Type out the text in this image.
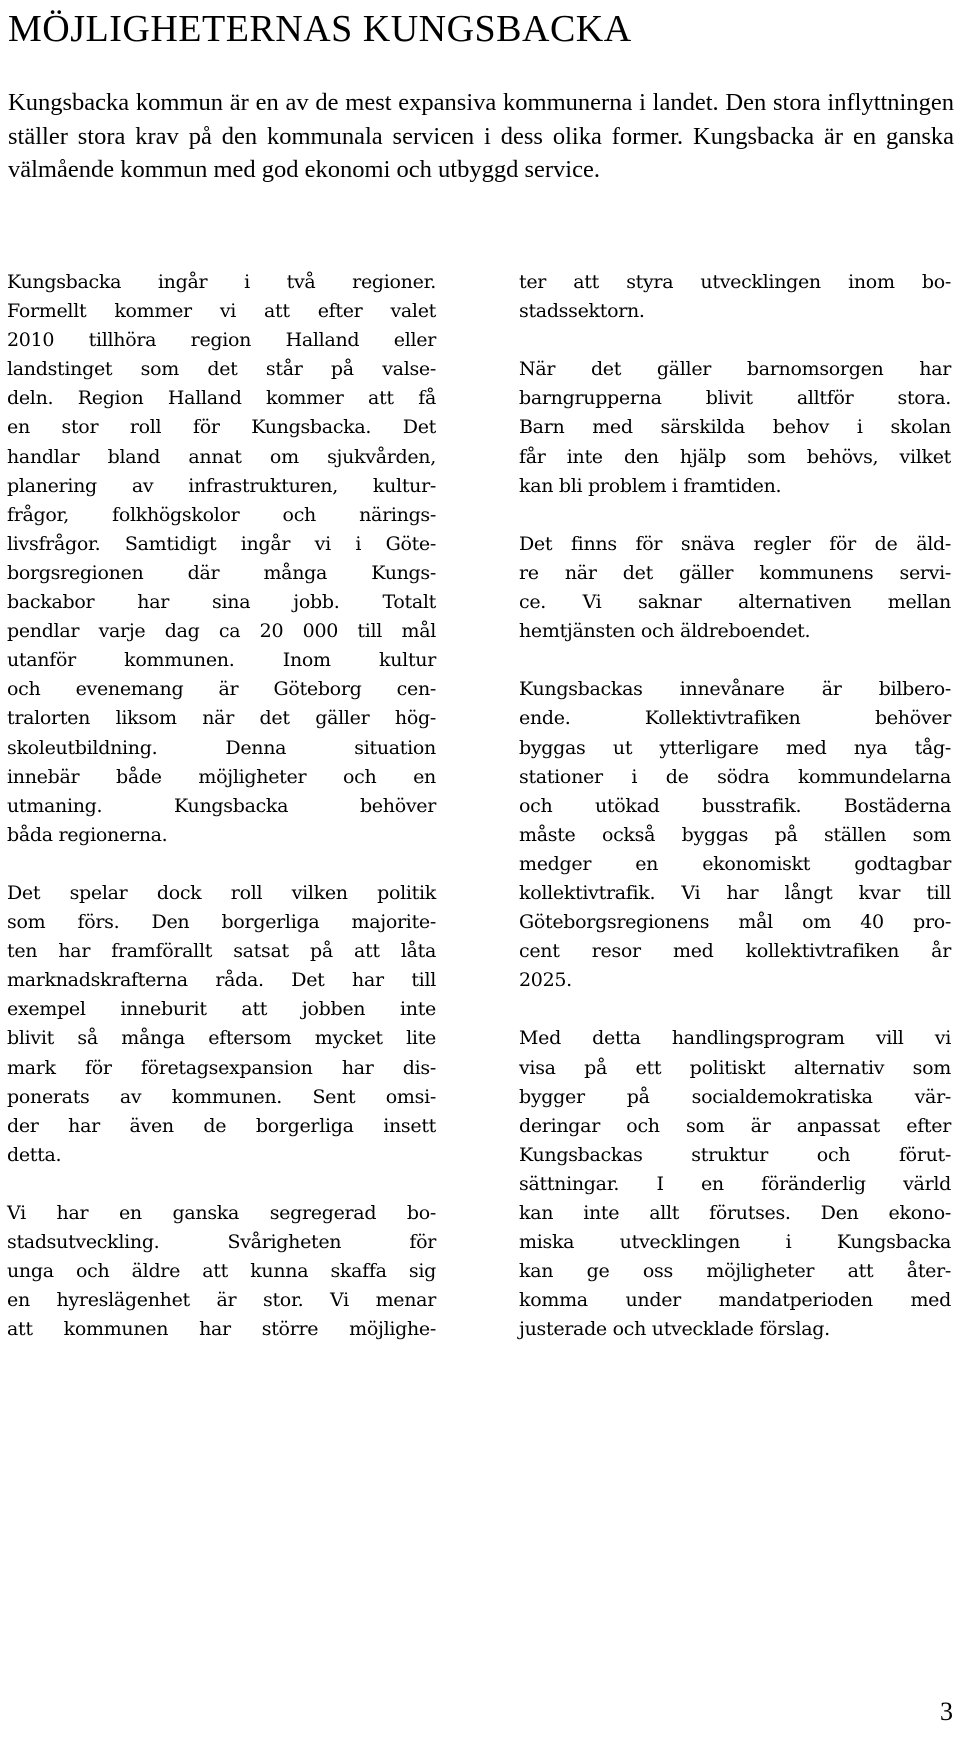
MÖJLIGHETERNAS KUNGSBACKA

Kungsbacka kommun är en av de mest expansiva kommunerna i landet. Den stora inflyttningen ställer stora krav på den kommunala servicen i dess olika former. Kungsbacka är en ganska välmående kommun med god ekonomi och utbyggd service.

Kungsbacka ingår i två regioner.
Formellt kommer vi att efter valet
2010 tillhöra region Halland eller
landstinget som det står på valse-
deln. Region Halland kommer att få
en stor roll för Kungsbacka. Det
handlar bland annat om sjukvården,
planering av infrastrukturen, kultur-
frågor, folkhögskolor och närings-
livsfrågor. Samtidigt ingår vi i Göte-
borgsregionen där många Kungs-
backabor har sina jobb. Totalt
pendlar varje dag ca 20 000 till mål
utanför kommunen. Inom kultur
och evenemang är Göteborg cen-
tralorten liksom när det gäller hög-
skoleutbildning. Denna situation
innebär både möjligheter och en
utmaning. Kungsbacka behöver
båda regionerna.
Det spelar dock roll vilken politik
som förs. Den borgerliga majorite-
ten har framförallt satsat på att låta
marknadskrafterna råda. Det har till
exempel inneburit att jobben inte
blivit så många eftersom mycket lite
mark för företagsexpansion har dis-
ponerats av kommunen. Sent omsi-
der har även de borgerliga insett
detta.
Vi har en ganska segregerad bo-
stadsutveckling. Svårigheten för
unga och äldre att kunna skaffa sig
en hyreslägenhet är stor. Vi menar
att kommunen har större möjlighe-
ter att styra utvecklingen inom bo-
stadssektorn.
När det gäller barnomsorgen har
barngrupperna blivit alltför stora.
Barn med särskilda behov i skolan
får inte den hjälp som behövs, vilket
kan bli problem i framtiden.
Det finns för snäva regler för de äld-
re när det gäller kommunens servi-
ce. Vi saknar alternativen mellan
hemtjänsten och äldreboendet.
Kungsbackas innevånare är bilbero-
ende. Kollektivtrafiken behöver
byggas ut ytterligare med nya tåg-
stationer i de södra kommundelarna
och utökad busstrafik. Bostäderna
måste också byggas på ställen som
medger en ekonomiskt godtagbar
kollektivtrafik. Vi har långt kvar till
Göteborgsregionens mål om 40 pro-
cent resor med kollektivtrafiken år
2025.
Med detta handlingsprogram vill vi
visa på ett politiskt alternativ som
bygger på socialdemokratiska vär-
deringar och som är anpassat efter
Kungsbackas struktur och förut-
sättningar. I en föränderlig värld
kan inte allt förutses. Den ekono-
miska utvecklingen i Kungsbacka
kan ge oss möjligheter att åter-
komma under mandatperioden med
justerade och utvecklade förslag.
3
